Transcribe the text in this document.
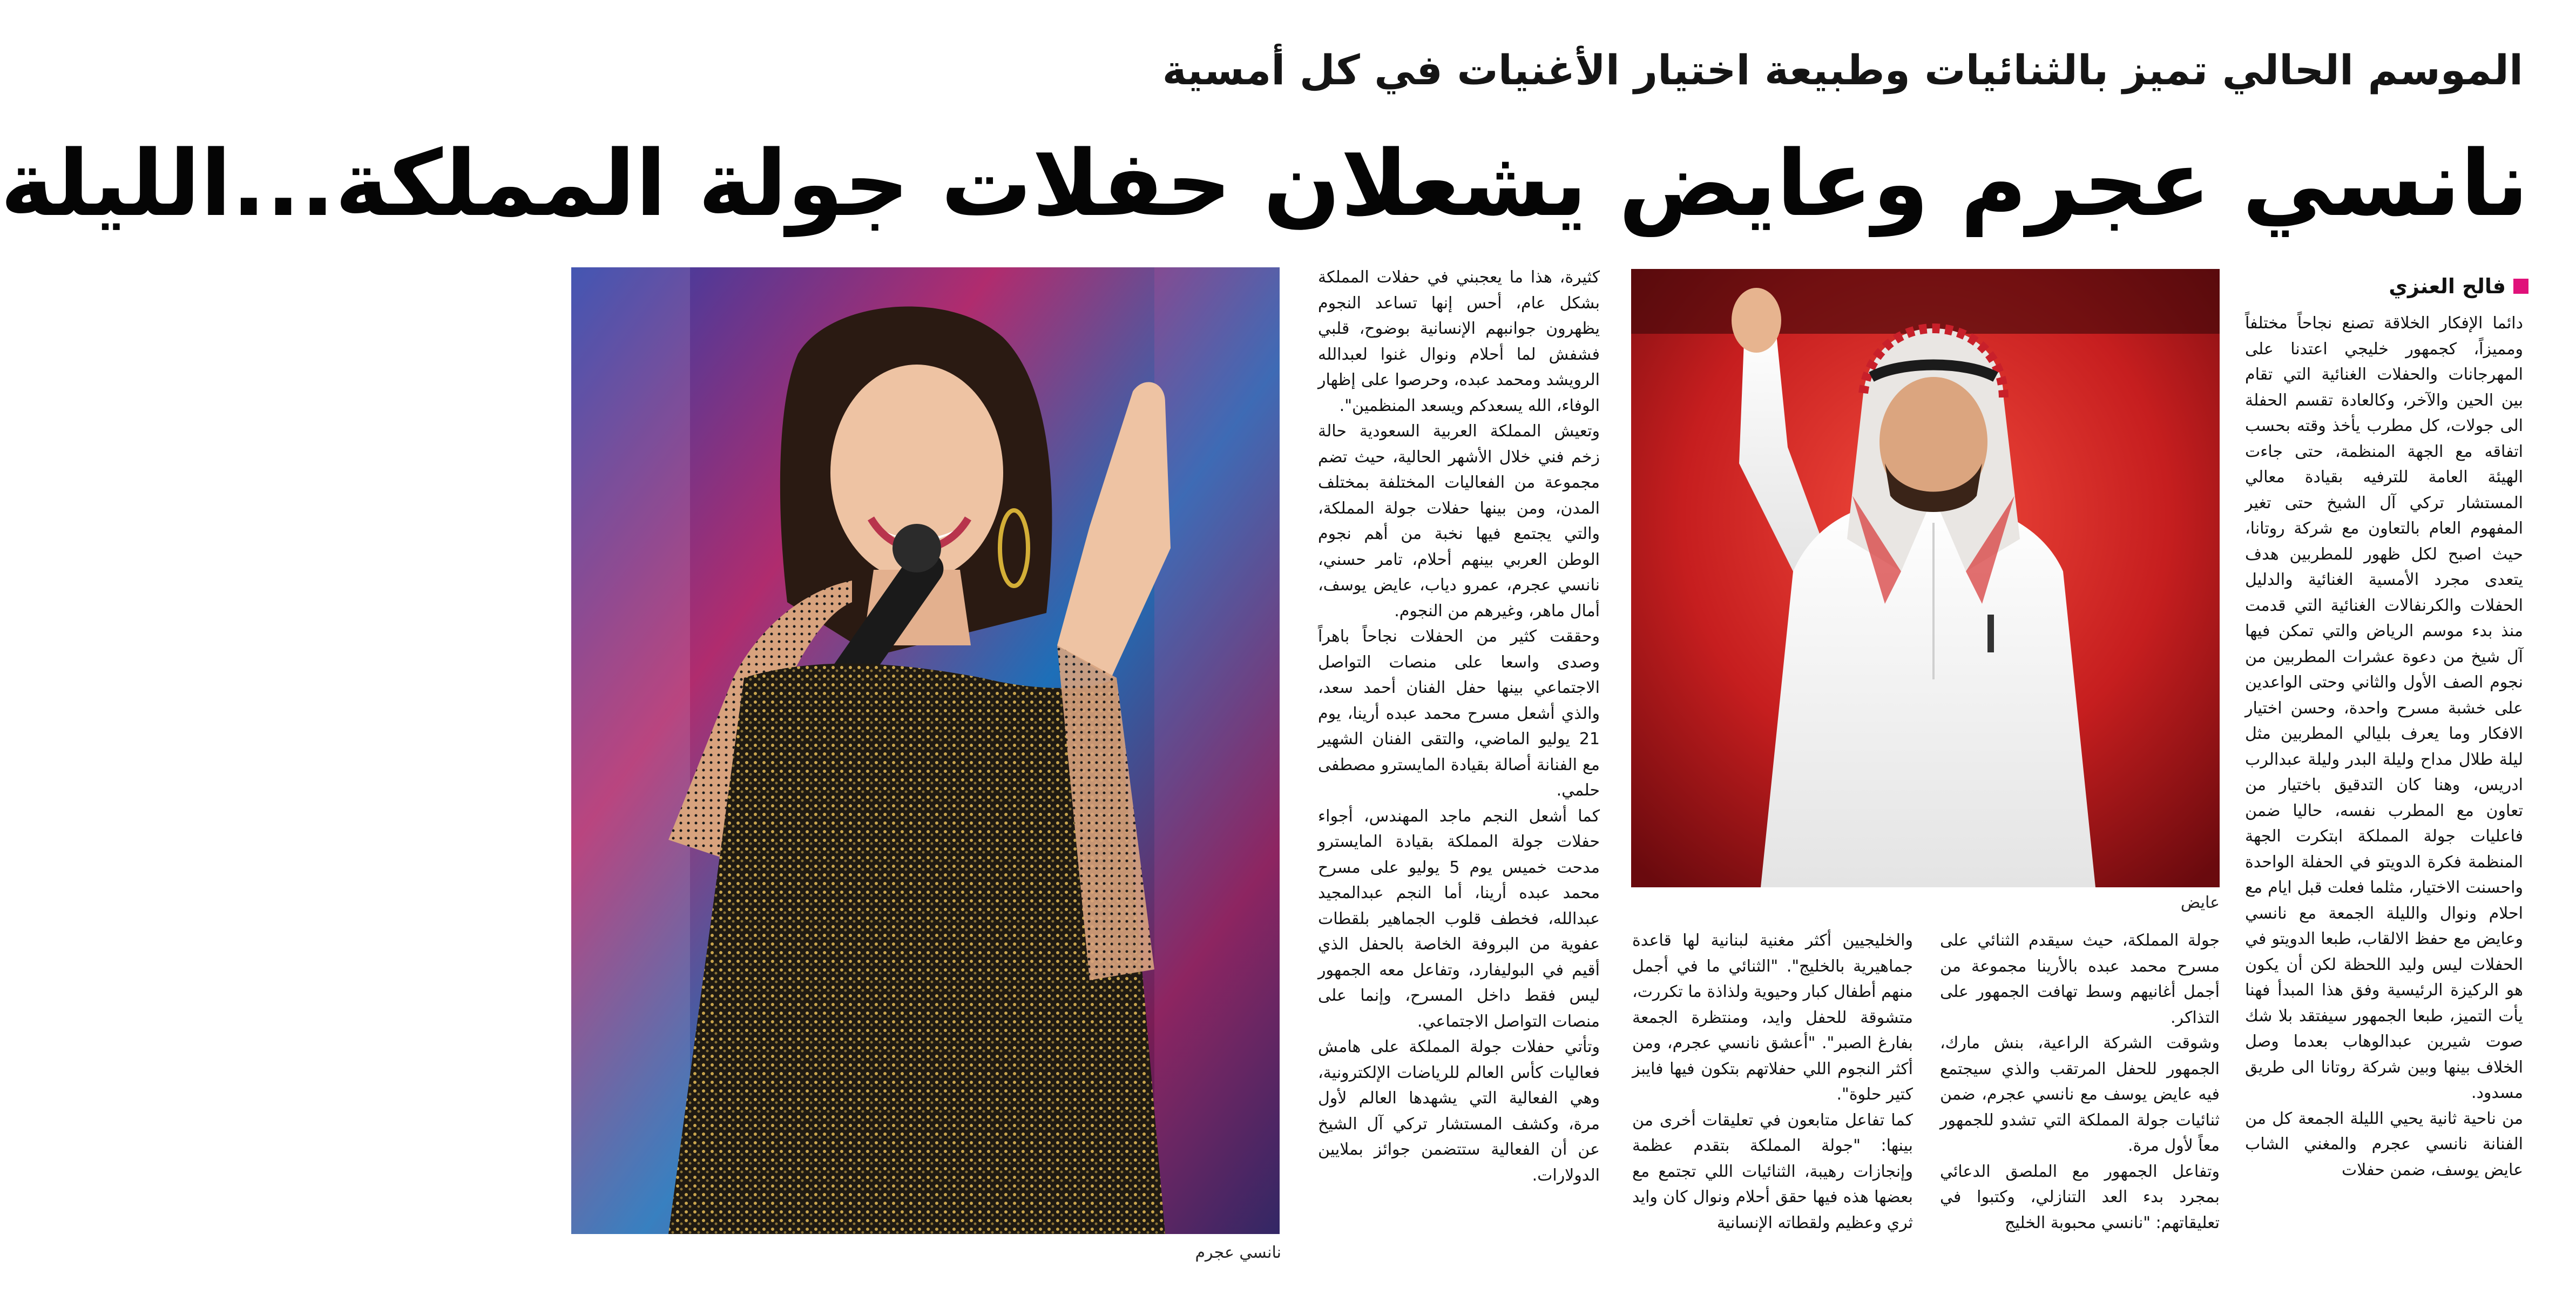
الموسم الحالي تميز بالثنائيات وطبيعة اختيار الأغنيات في كل أمسية
نانسي عجرم وعايض يشعلان حفلات جولة المملكة...الليلة
فالح العنزي

دائما الإفكار الخلاقة تصنع نجاحاً مختلفاً ومميزاً، كجمهور خليجي اعتدنا على المهرجانات والحفلات الغنائية التي تقام بين الحين والآخر، وكالعادة تقسم الحفلة الى جولات، كل مطرب يأخذ وقته بحسب اتفاقه مع الجهة المنظمة، حتى جاءت الهيئة العامة للترفيه بقيادة معالي المستشار تركي آل الشيخ حتى تغير المفهوم العام بالتعاون مع شركة روتانا، حيث اصبح لكل ظهور للمطربين هدف يتعدى مجرد الأمسية الغنائية والدليل الحفلات والكرنفالات الغنائية التي قدمت منذ بدء موسم الرياض والتي تمكن فيها آل شيخ من دعوة عشرات المطربين من نجوم الصف الأول والثاني وحتى الواعدين على خشبة مسرح واحدة، وحسن اختيار الافكار وما يعرف بليالي المطربين مثل ليلة طلال مداح وليلة البدر وليلة عبدالرب ادريس، وهنا كان التدقيق باختيار من تعاون مع المطرب نفسه، حاليا ضمن فاعليات جولة المملكة ابتكرت الجهة المنظمة فكرة الدويتو في الحفلة الواحدة واحسنت الاختيار، مثلما فعلت قبل ايام مع احلام ونوال والليلة الجمعة مع نانسي وعايض مع حفظ الالقاب، طبعا الدويتو في الحفلات ليس وليد اللحظة لكن أن يكون هو الركيزة الرئيسية وفق هذا المبدأ فهنا يأت التميز، طبعا الجمهور سيفتقد بلا شك صوت شيرين عبدالوهاب بعدما وصل الخلاف بينها وبين شركة روتانا الى طريق مسدود.

من ناحية ثانية يحيي الليلة الجمعة كل من الفنانة نانسي عجرم والمغني الشاب عايض يوسف، ضمن حفلات

عايض

جولة المملكة، حيث سيقدم الثنائي على مسرح محمد عبده بالأرينا مجموعة من أجمل أغانيهم وسط تهافت الجمهور على التذاكر.

وشوقت الشركة الراعية، بنش مارك، الجمهور للحفل المرتقب والذي سيجتمع فيه عايض يوسف مع نانسي عجرم، ضمن ثنائيات جولة المملكة التي تشدو للجمهور معاً لأول مرة.

وتفاعل الجمهور مع الملصق الدعائي بمجرد بدء العد التنازلي، وكتبوا في تعليقاتهم: "نانسي محبوبة الخليج

والخليجيين أكثر مغنية لبنانية لها قاعدة جماهيرية بالخليج". "الثنائي ما في أجمل منهم أطفال كبار وحيوية ولذاذة ما تكررت، متشوقة للحفل وايد، ومنتظرة الجمعة بفارغ الصبر". "أعشق نانسي عجرم، ومن أكثر النجوم اللي حفلاتهم بتكون فيها فايبز كتير حلوة".

كما تفاعل متابعون في تعليقات أخرى من بينها: "جولة المملكة بتقدم عظمة وإنجازات رهيبة، الثنائيات اللي تجتمع مع بعضها هذه فيها حقق أحلام ونوال كان وايد ثري وعظيم ولقطاته الإنسانية

كثيرة، هذا ما يعجبني في حفلات المملكة بشكل عام، أحس إنها تساعد النجوم يظهرون جوانبهم الإنسانية بوضوح، قلبي فشفش لما أحلام ونوال غنوا لعبدالله الرويشد ومحمد عبده، وحرصوا على إظهار الوفاء، الله يسعدكم ويسعد المنظمين".

وتعيش المملكة العربية السعودية حالة زخم فني خلال الأشهر الحالية، حيث تضم مجموعة من الفعاليات المختلفة بمختلف المدن، ومن بينها حفلات جولة المملكة، والتي يجتمع فيها نخبة من أهم نجوم الوطن العربي بينهم أحلام، تامر حسني، نانسي عجرم، عمرو دياب، عايض يوسف، أمال ماهر، وغيرهم من النجوم.

وحققت كثير من الحفلات نجاحاً باهراً وصدى واسعا على منصات التواصل الاجتماعي بينها حفل الفنان أحمد سعد، والذي أشعل مسرح محمد عبده أرينا، يوم 21 يوليو الماضي، والتقى الفنان الشهير مع الفنانة أصالة بقيادة المايسترو مصطفى حلمي.

كما أشعل النجم ماجد المهندس، أجواء حفلات جولة المملكة بقيادة المايسترو مدحت خميس يوم 5 يوليو على مسرح محمد عبده أرينا، أما النجم عبدالمجيد عبدالله، فخطف قلوب الجماهير بلقطات عفوية من البروفة الخاصة بالحفل الذي أقيم في البوليفارد، وتفاعل معه الجمهور ليس فقط داخل المسرح، وإنما على منصات التواصل الاجتماعي.

وتأتي حفلات جولة المملكة على هامش فعاليات كأس العالم للرياضات الإلكترونية، وهي الفعالية التي يشهدها العالم لأول مرة، وكشف المستشار تركي آل الشيخ عن أن الفعالية ستتضمن جوائز بملايين الدولارات.

نانسي عجرم
